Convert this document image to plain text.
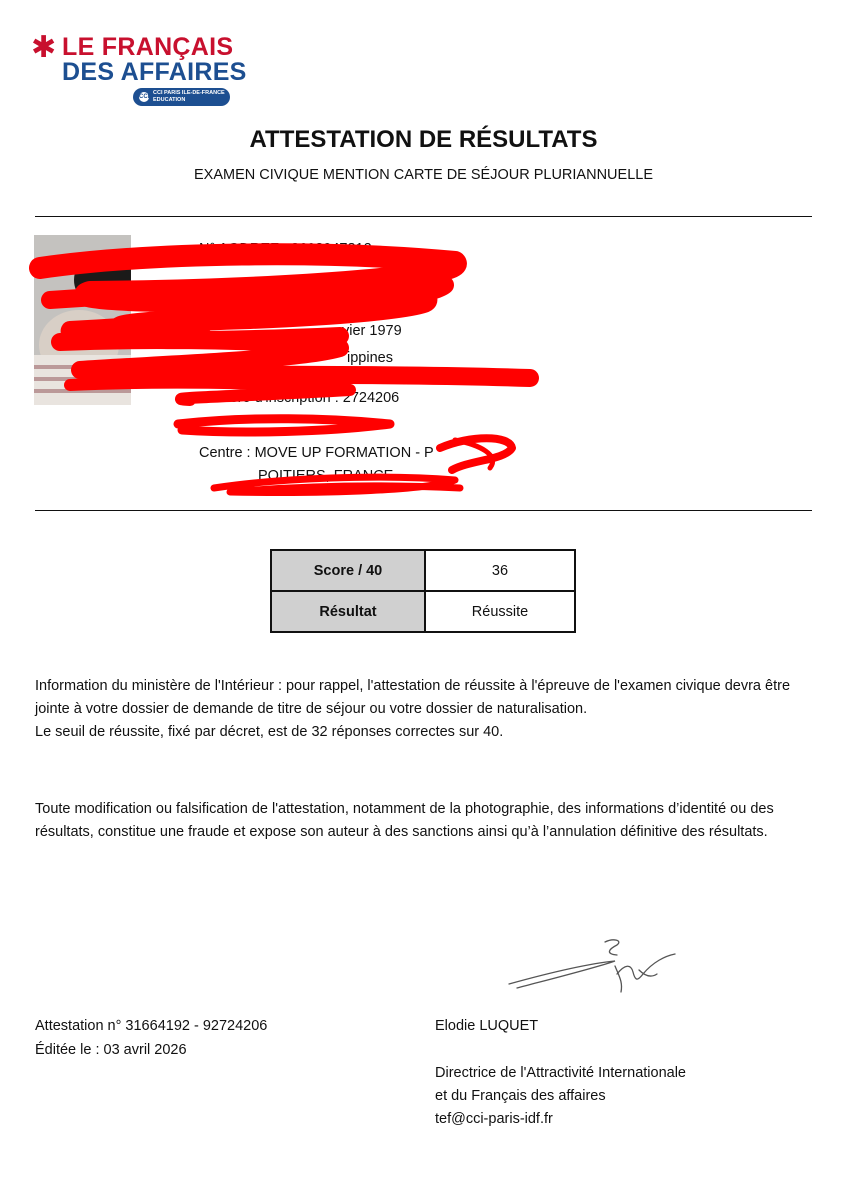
✱ LE FRANÇAIS
DES AFFAIRES
CCI
CCI PARIS ILE-DE-FRANCE
EDUCATION
ATTESTATION DE RÉSULTATS
EXAMEN CIVIQUE MENTION CARTE DE SÉJOUR PLURIANNUELLE
N° AGDREF : 8603047812
vier 1979
ippines
Numéro d'inscription : 2724206
Centre : MOVE UP FORMATION - P
POITIERS, FRANCE
Score / 40	36
Résultat	Réussite
Information du ministère de l'Intérieur : pour rappel, l'attestation de réussite à l'épreuve de l'examen civique devra être jointe à votre dossier de demande de titre de séjour ou votre dossier de naturalisation.
Le seuil de réussite, fixé par décret, est de 32 réponses correctes sur 40.
Toute modification ou falsification de l'attestation, notamment de la photographie, des informations d’identité ou des résultats, constitue une fraude et expose son auteur à des sanctions ainsi qu’à l’annulation définitive des résultats.
Attestation n° 31664192 - 92724206
Éditée le : 03 avril 2026
Elodie LUQUET
Directrice de l'Attractivité Internationale
et du Français des affaires
tef@cci-paris-idf.fr
